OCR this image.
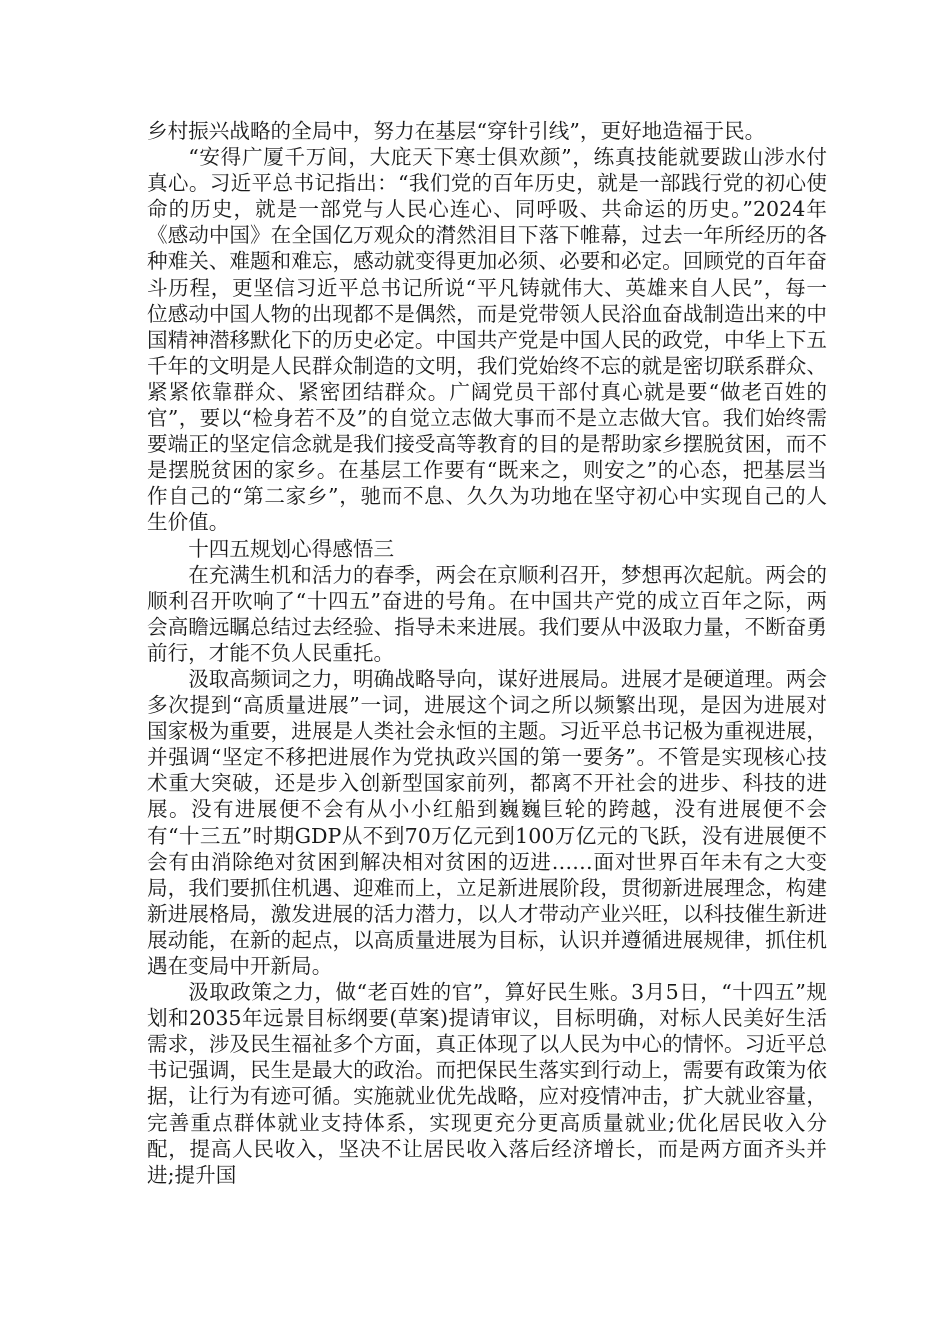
乡村振兴战略的全局中，努力在基层“穿针引线”，更好地造福于民。

“安得广厦千万间，大庇天下寒士俱欢颜”，练真技能就要跋山涉水付真心。习近平总书记指出：“我们党的百年历史，就是一部践行党的初心使命的历史，就是一部党与人民心连心、同呼吸、共命运的历史。”2024年《感动中国》在全国亿万观众的潸然泪目下落下帷幕，过去一年所经历的各种难关、难题和难忘，感动就变得更加必须、必要和必定。回顾党的百年奋斗历程，更坚信习近平总书记所说“平凡铸就伟大、英雄来自人民”，每一位感动中国人物的出现都不是偶然，而是党带领人民浴血奋战制造出来的中国精神潜移默化下的历史必定。中国共产党是中国人民的政党，中华上下五千年的文明是人民群众制造的文明，我们党始终不忘的就是密切联系群众、紧紧依靠群众、紧密团结群众。广阔党员干部付真心就是要“做老百姓的官”，要以“检身若不及”的自觉立志做大事而不是立志做大官。我们始终需要端正的坚定信念就是我们接受高等教育的目的是帮助家乡摆脱贫困，而不是摆脱贫困的家乡。在基层工作要有“既来之，则安之”的心态，把基层当作自己的“第二家乡”，驰而不息、久久为功地在坚守初心中实现自己的人生价值。

十四五规划心得感悟三

在充满生机和活力的春季，两会在京顺利召开，梦想再次起航。两会的顺利召开吹响了“十四五”奋进的号角。在中国共产党的成立百年之际，两会高瞻远瞩总结过去经验、指导未来进展。我们要从中汲取力量，不断奋勇前行，才能不负人民重托。

汲取高频词之力，明确战略导向，谋好进展局。进展才是硬道理。两会多次提到“高质量进展”一词，进展这个词之所以频繁出现，是因为进展对国家极为重要，进展是人类社会永恒的主题。习近平总书记极为重视进展，并强调“坚定不移把进展作为党执政兴国的第一要务”。不管是实现核心技术重大突破，还是步入创新型国家前列，都离不开社会的进步、科技的进展。没有进展便不会有从小小红船到巍巍巨轮的跨越，没有进展便不会有“十三五”时期GDP从不到70万亿元到100万亿元的飞跃，没有进展便不会有由消除绝对贫困到解决相对贫困的迈进……面对世界百年未有之大变局，我们要抓住机遇、迎难而上，立足新进展阶段，贯彻新进展理念，构建新进展格局，激发进展的活力潜力，以人才带动产业兴旺，以科技催生新进展动能，在新的起点，以高质量进展为目标，认识并遵循进展规律，抓住机遇在变局中开新局。

汲取政策之力，做“老百姓的官”，算好民生账。3月5日，“十四五”规划和2035年远景目标纲要(草案)提请审议，目标明确，对标人民美好生活需求，涉及民生福祉多个方面，真正体现了以人民为中心的情怀。习近平总书记强调，民生是最大的政治。而把保民生落实到行动上，需要有政策为依据，让行为有迹可循。实施就业优先战略，应对疫情冲击，扩大就业容量，完善重点群体就业支持体系，实现更充分更高质量就业;优化居民收入分配，提高人民收入，坚决不让居民收入落后经济增长，而是两方面齐头并进;提升国
